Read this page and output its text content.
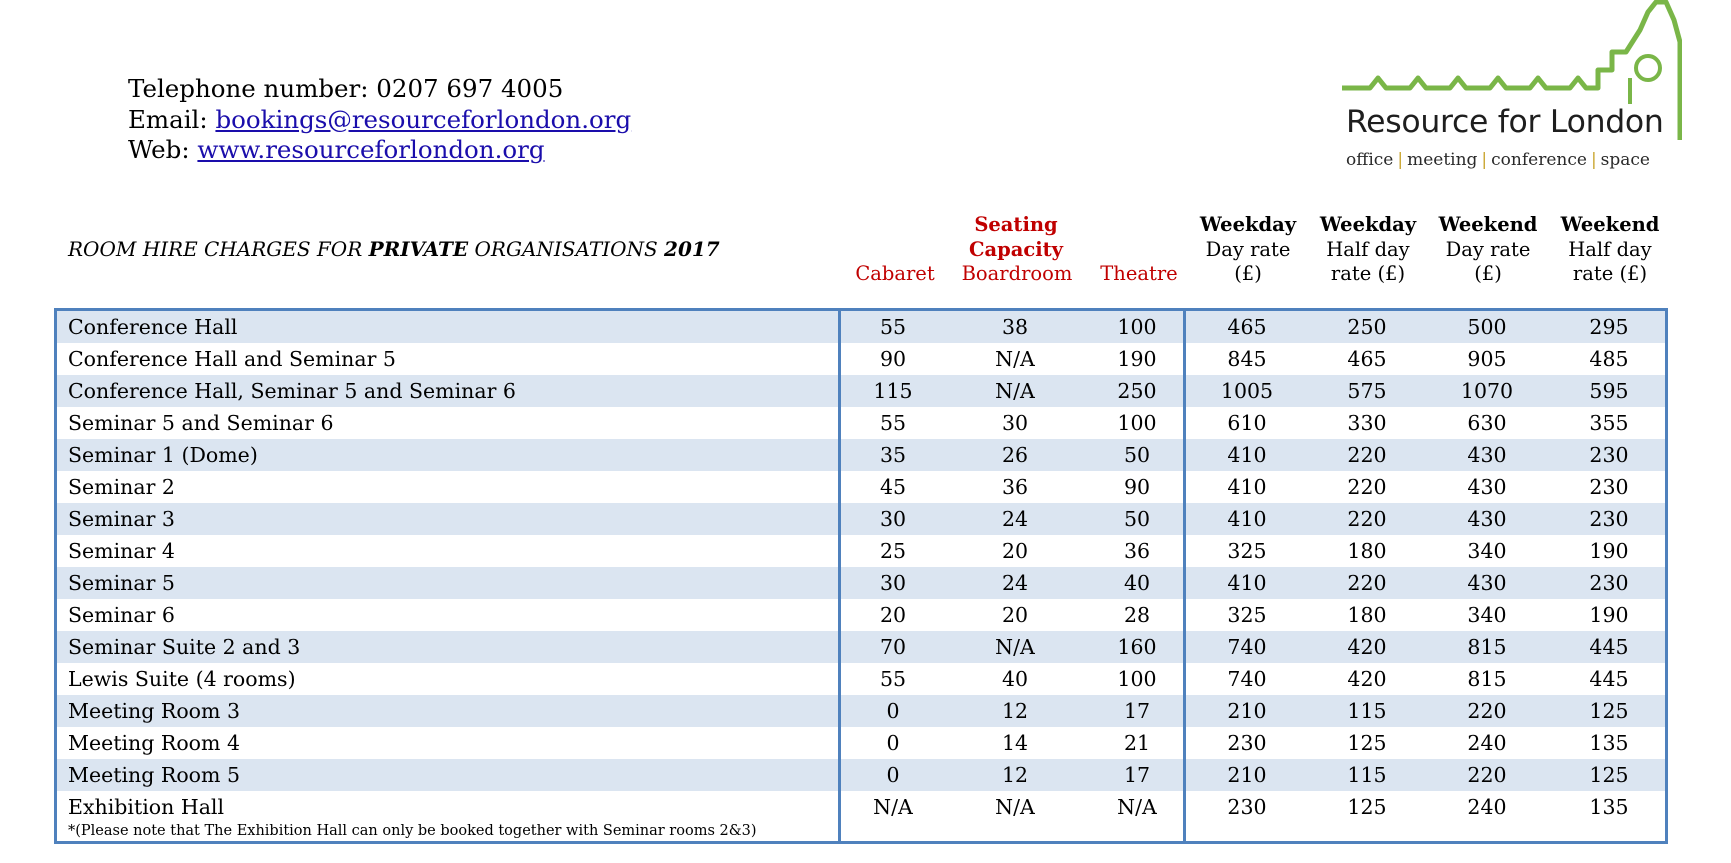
Telephone number: 0207 697 4005
Email: bookings@resourceforlondon.org
Web: www.resourceforlondon.org
Resource for London
office | meeting | conference | space
ROOM HIRE CHARGES FOR PRIVATE ORGANISATIONS 2017
Seating
Capacity
Cabaret	Boardroom	Theatre
Weekday
Day rate
(£)
Weekday
Half day
rate (£)
Weekend
Day rate
(£)
Weekend
Half day
rate (£)
Conference Hall	55	38	100	465	250	500	295
Conference Hall and Seminar 5	90	N/A	190	845	465	905	485
Conference Hall, Seminar 5 and Seminar 6	115	N/A	250	1005	575	1070	595
Seminar 5 and Seminar 6	55	30	100	610	330	630	355
Seminar 1 (Dome)	35	26	50	410	220	430	230
Seminar 2	45	36	90	410	220	430	230
Seminar 3	30	24	50	410	220	430	230
Seminar 4	25	20	36	325	180	340	190
Seminar 5	30	24	40	410	220	430	230
Seminar 6	20	20	28	325	180	340	190
Seminar Suite 2 and 3	70	N/A	160	740	420	815	445
Lewis Suite (4 rooms)	55	40	100	740	420	815	445
Meeting Room 3	0	12	17	210	115	220	125
Meeting Room 4	0	14	21	230	125	240	135
Meeting Room 5	0	12	17	210	115	220	125
Exhibition Hall	N/A	N/A	N/A	230	125	240	135
*(Please note that The Exhibition Hall can only be booked together with Seminar rooms 2&3)
